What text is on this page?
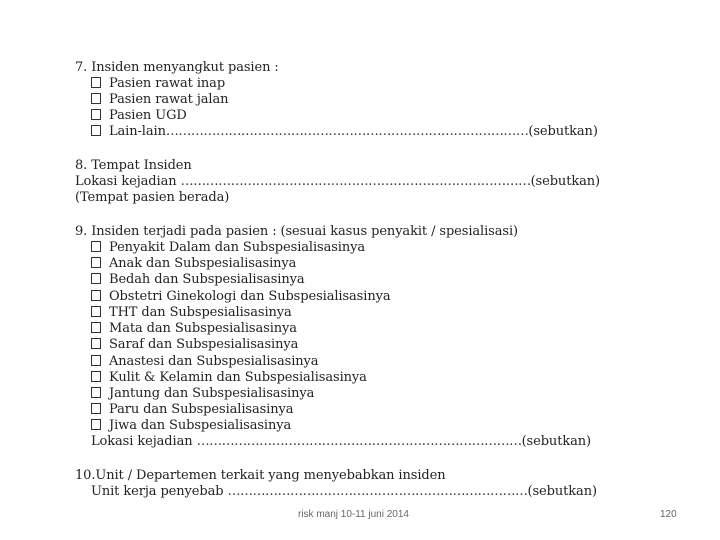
7. Insiden menyangkut pasien :
Pasien rawat inap
Pasien rawat jalan
Pasien UGD
Lain-lain……………………………………………………………………………(sebutkan)
8. Tempat Insiden
Lokasi kejadian …………………………………………………………………………(sebutkan)
(Tempat pasien berada)
9. Insiden terjadi pada pasien : (sesuai kasus penyakit / spesialisasi)
Penyakit Dalam dan Subspesialisasinya
Anak dan Subspesialisasinya
Bedah dan Subspesialisasinya
Obstetri Ginekologi dan Subspesialisasinya
THT dan Subspesialisasinya
Mata dan Subspesialisasinya
Saraf dan Subspesialisasinya
Anastesi dan Subspesialisasinya
Kulit & Kelamin dan Subspesialisasinya
Jantung dan Subspesialisasinya
Paru dan Subspesialisasinya
Jiwa dan Subspesialisasinya
Lokasi kejadian ……………………………………………………………………(sebutkan)
10.Unit / Departemen terkait yang menyebabkan insiden
Unit kerja penyebab ………………………………………………………………(sebutkan)
risk manj 10-11 juni 2014	120
